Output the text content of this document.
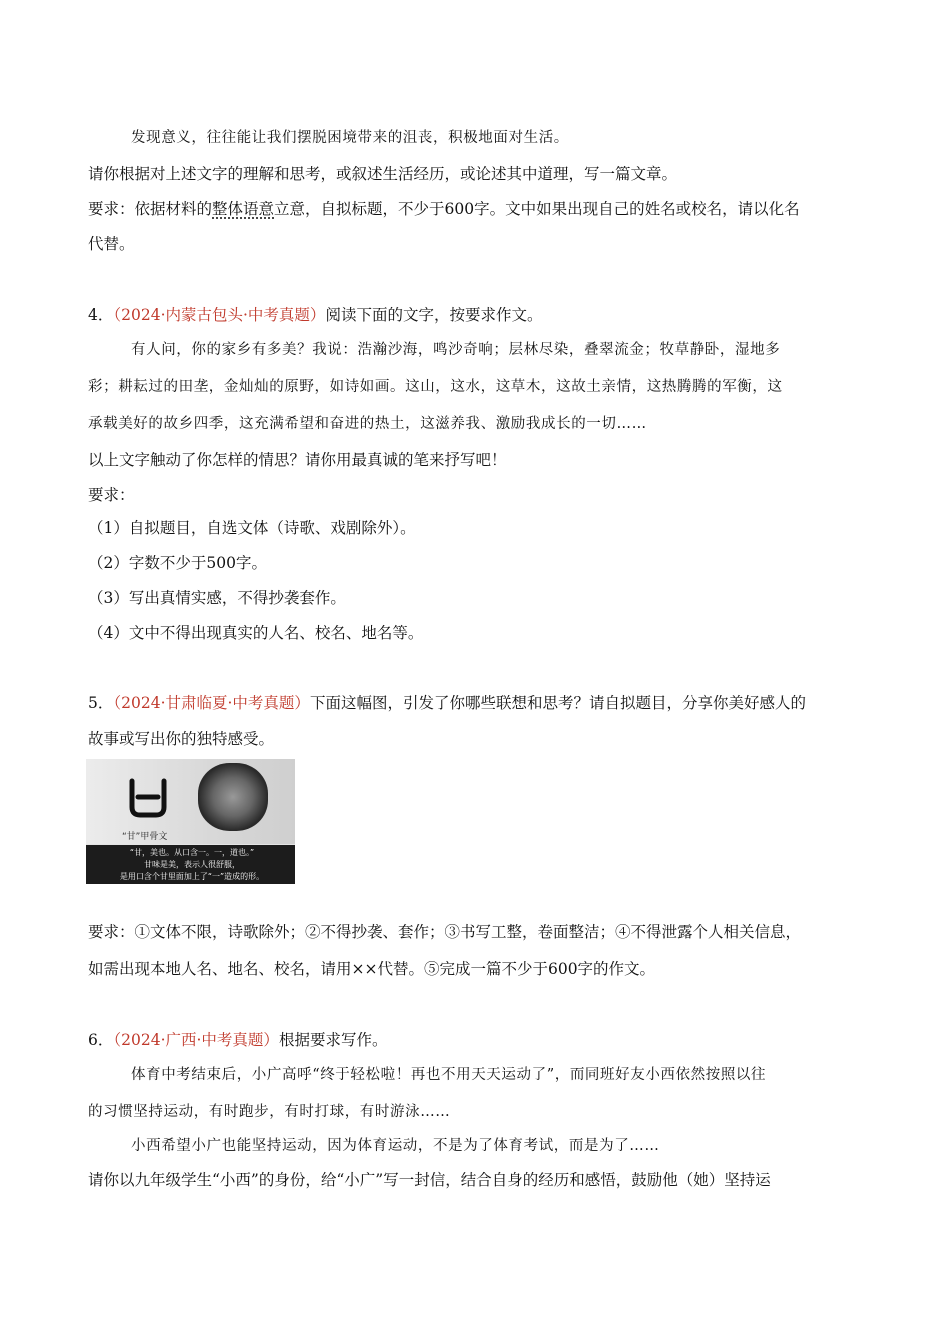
发现意义，往往能让我们摆脱困境带来的沮丧，积极地面对生活。
请你根据对上述文字的理解和思考，或叙述生活经历，或论述其中道理，写一篇文章。
要求：依据材料的整体语意立意，自拟标题，不少于600字。文中如果出现自己的姓名或校名，请以化名
代替。
4．（2024·内蒙古包头·中考真题）阅读下面的文字，按要求作文。
有人问，你的家乡有多美？我说：浩瀚沙海，鸣沙奇响；层林尽染，叠翠流金；牧草静卧，湿地多
彩；耕耘过的田垄，金灿灿的原野，如诗如画。这山，这水，这草木，这故土亲情，这热腾腾的军衡，这
承载美好的故乡四季，这充满希望和奋进的热土，这滋养我、激励我成长的一切……
以上文字触动了你怎样的情思？请你用最真诚的笔来抒写吧！
要求：
（1）自拟题目，自选文体（诗歌、戏剧除外）。
（2）字数不少于500字。
（3）写出真情实感，不得抄袭套作。
（4）文中不得出现真实的人名、校名、地名等。
5．（2024·甘肃临夏·中考真题）下面这幅图，引发了你哪些联想和思考？请自拟题目，分享你美好感人的
故事或写出你的独特感受。
“甘”甲骨文
“甘，美也。从口含一。一，道也。”
甘味是美，表示人很舒服，
是用口含个甘里面加上了“一”造成的形。
要求：①文体不限，诗歌除外；②不得抄袭、套作；③书写工整，卷面整洁；④不得泄露个人相关信息，
如需出现本地人名、地名、校名，请用××代替。⑤完成一篇不少于600字的作文。
6．（2024·广西·中考真题）根据要求写作。
体育中考结束后，小广高呼“终于轻松啦！再也不用天天运动了”，而同班好友小西依然按照以往
的习惯坚持运动，有时跑步，有时打球，有时游泳……
小西希望小广也能坚持运动，因为体育运动，不是为了体育考试，而是为了……
请你以九年级学生“小西”的身份，给“小广”写一封信，结合自身的经历和感悟，鼓励他（她）坚持运
